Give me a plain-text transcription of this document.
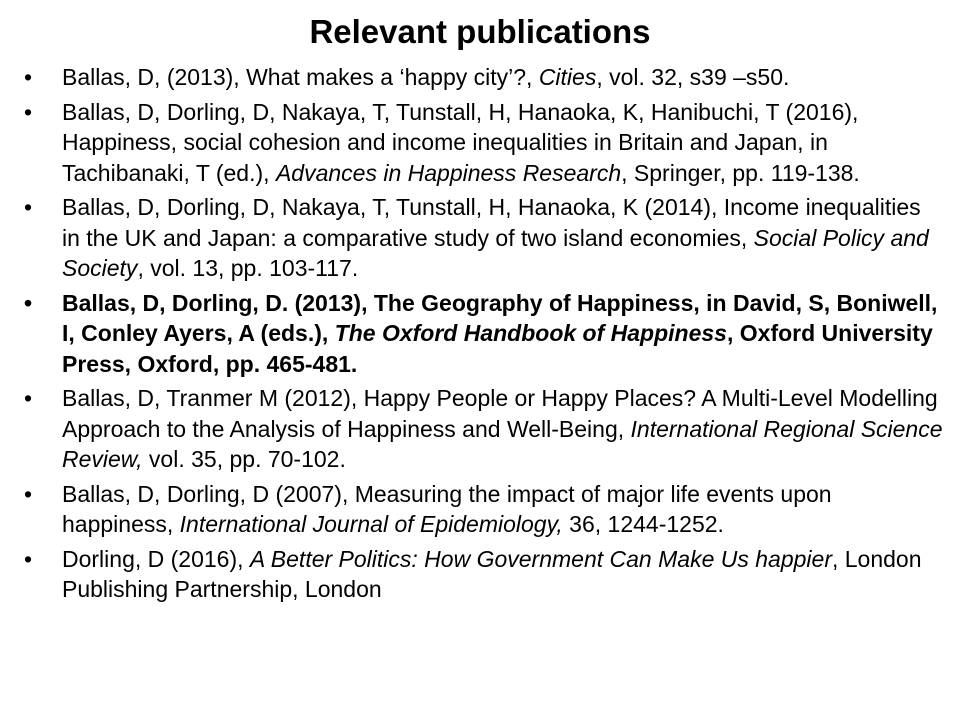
Relevant publications
• Ballas, D, (2013), What makes a ‘happy city’?, Cities, vol. 32, s39 –s50.
• Ballas, D, Dorling, D, Nakaya, T, Tunstall, H, Hanaoka, K, Hanibuchi, T (2016), Happiness, social cohesion and income inequalities in Britain and Japan, in Tachibanaki, T (ed.), Advances in Happiness Research, Springer, pp. 119-138.
• Ballas, D, Dorling, D, Nakaya, T, Tunstall, H, Hanaoka, K (2014), Income inequalities in the UK and Japan: a comparative study of two island economies, Social Policy and Society, vol. 13, pp. 103-117.
• Ballas, D, Dorling, D. (2013), The Geography of Happiness, in David, S, Boniwell, I, Conley Ayers, A (eds.), The Oxford Handbook of Happiness, Oxford University Press, Oxford, pp. 465-481.
• Ballas, D, Tranmer M (2012), Happy People or Happy Places? A Multi-Level Modelling Approach to the Analysis of Happiness and Well-Being, International Regional Science Review, vol. 35, pp. 70-102.
• Ballas, D, Dorling, D (2007), Measuring the impact of major life events upon happiness, International Journal of Epidemiology, 36, 1244-1252.
• Dorling, D (2016), A Better Politics: How Government Can Make Us happier, London Publishing Partnership, London
